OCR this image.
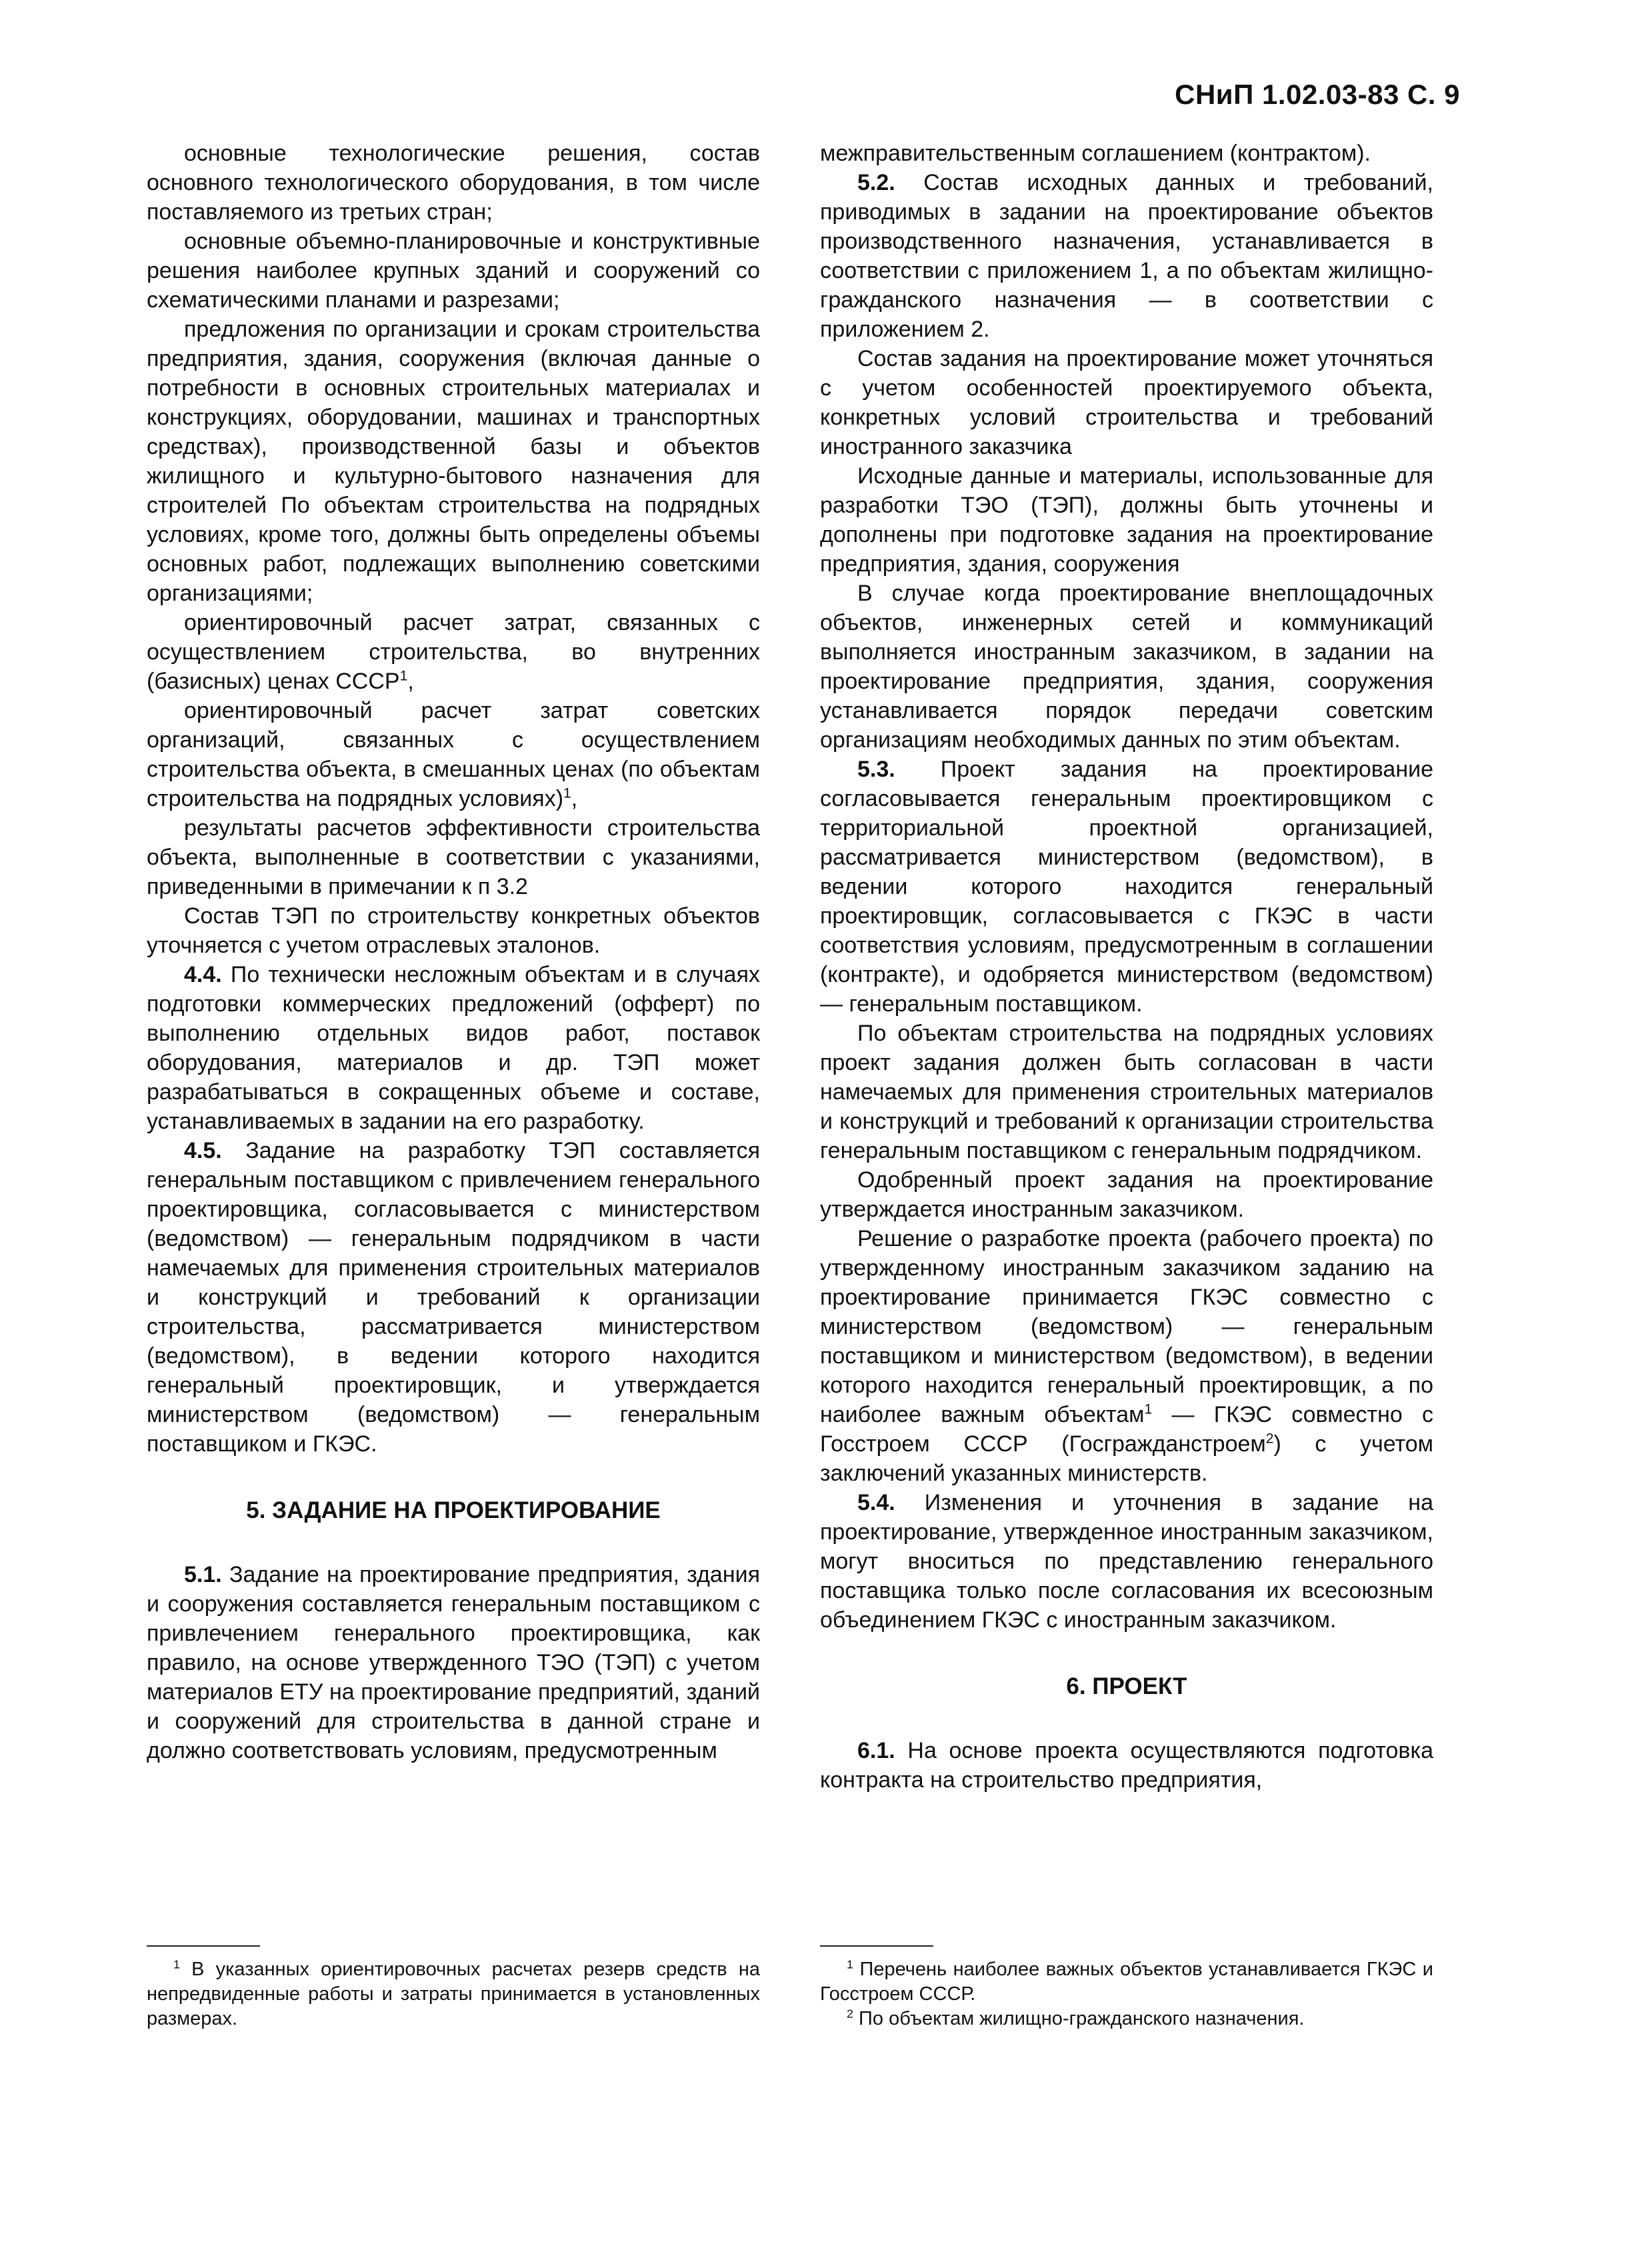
СНиП 1.02.03-83 С. 9

основные технологические решения, состав основного технологического оборудования, в том числе поставляемого из третьих стран;

основные объемно-планировочные и конструктивные решения наиболее крупных зданий и сооружений со схематическими планами и разрезами;

предложения по организации и срокам строительства предприятия, здания, сооружения (включая данные о потребности в основных строительных материалах и конструкциях, оборудовании, машинах и транспортных средствах), производственной базы и объектов жилищного и культурно-бытового назначения для строителей По объектам строительства на подрядных условиях, кроме того, должны быть определены объемы основных работ, подлежащих выполнению советскими организациями;

ориентировочный расчет затрат, связанных с осуществлением строительства, во внутренних (базисных) ценах СССР$^1$,

ориентировочный расчет затрат советских организаций, связанных с осуществлением строительства объекта, в смешанных ценах (по объектам строительства на подрядных условиях)$^1$,

результаты расчетов эффективности строительства объекта, выполненные в соответствии с указаниями, приведенными в примечании к п 3.2

Состав ТЭП по строительству конкретных объектов уточняется с учетом отраслевых эталонов.

4.4. По технически несложным объектам и в случаях подготовки коммерческих предложений (офферт) по выполнению отдельных видов работ, поставок оборудования, материалов и др. ТЭП может разрабатываться в сокращенных объеме и составе, устанавливаемых в задании на его разработку.

4.5. Задание на разработку ТЭП составляется генеральным поставщиком с привлечением генерального проектировщика, согласовывается с министерством (ведомством) — генеральным подрядчиком в части намечаемых для применения строительных материалов и конструкций и требований к организации строительства, рассматривается министерством (ведомством), в ведении которого находится генеральный проектировщик, и утверждается министерством (ведомством) — генеральным поставщиком и ГКЭС.

5. ЗАДАНИЕ НА ПРОЕКТИРОВАНИЕ

5.1. Задание на проектирование предприятия, здания и сооружения составляется генеральным поставщиком с привлечением генерального проектировщика, как правило, на основе утвержденного ТЭО (ТЭП) с учетом материалов ЕТУ на проектирование предприятий, зданий и сооружений для строительства в данной стране и должно соответствовать условиям, предусмотренным

межправительственным соглашением (контрактом).

5.2. Состав исходных данных и требований, приводимых в задании на проектирование объектов производственного назначения, устанавливается в соответствии с приложением 1, а по объектам жилищно-гражданского назначения — в соответствии с приложением 2.

Состав задания на проектирование может уточняться с учетом особенностей проектируемого объекта, конкретных условий строительства и требований иностранного заказчика

Исходные данные и материалы, использованные для разработки ТЭО (ТЭП), должны быть уточнены и дополнены при подготовке задания на проектирование предприятия, здания, сооружения

В случае когда проектирование внеплощадочных объектов, инженерных сетей и коммуникаций выполняется иностранным заказчиком, в задании на проектирование предприятия, здания, сооружения устанавливается порядок передачи советским организациям необходимых данных по этим объектам.

5.3. Проект задания на проектирование согласовывается генеральным проектировщиком с территориальной проектной организацией, рассматривается министерством (ведомством), в ведении которого находится генеральный проектировщик, согласовывается с ГКЭС в части соответствия условиям, предусмотренным в соглашении (контракте), и одобряется министерством (ведомством) — генеральным поставщиком.

По объектам строительства на подрядных условиях проект задания должен быть согласован в части намечаемых для применения строительных материалов и конструкций и требований к организации строительства генеральным поставщиком с генеральным подрядчиком.

Одобренный проект задания на проектирование утверждается иностранным заказчиком.

Решение о разработке проекта (рабочего проекта) по утвержденному иностранным заказчиком заданию на проектирование принимается ГКЭС совместно с министерством (ведомством) — генеральным поставщиком и министерством (ведомством), в ведении которого находится генеральный проектировщик, а по наиболее важным объектам$^1$ — ГКЭС совместно с Госстроем СССР (Госгражданстроем$^2$) с учетом заключений указанных министерств.

5.4. Изменения и уточнения в задание на проектирование, утвержденное иностранным заказчиком, могут вноситься по представлению генерального поставщика только после согласования их всесоюзным объединением ГКЭС с иностранным заказчиком.

6. ПРОЕКТ

6.1. На основе проекта осуществляются подготовка контракта на строительство предприятия,

$^1$ В указанных ориентировочных расчетах резерв средств на непредвиденные работы и затраты принимается в установленных размерах.

$^1$ Перечень наиболее важных объектов устанавливается ГКЭС и Госстроем СССР.

$^2$ По объектам жилищно-гражданского назначения.
